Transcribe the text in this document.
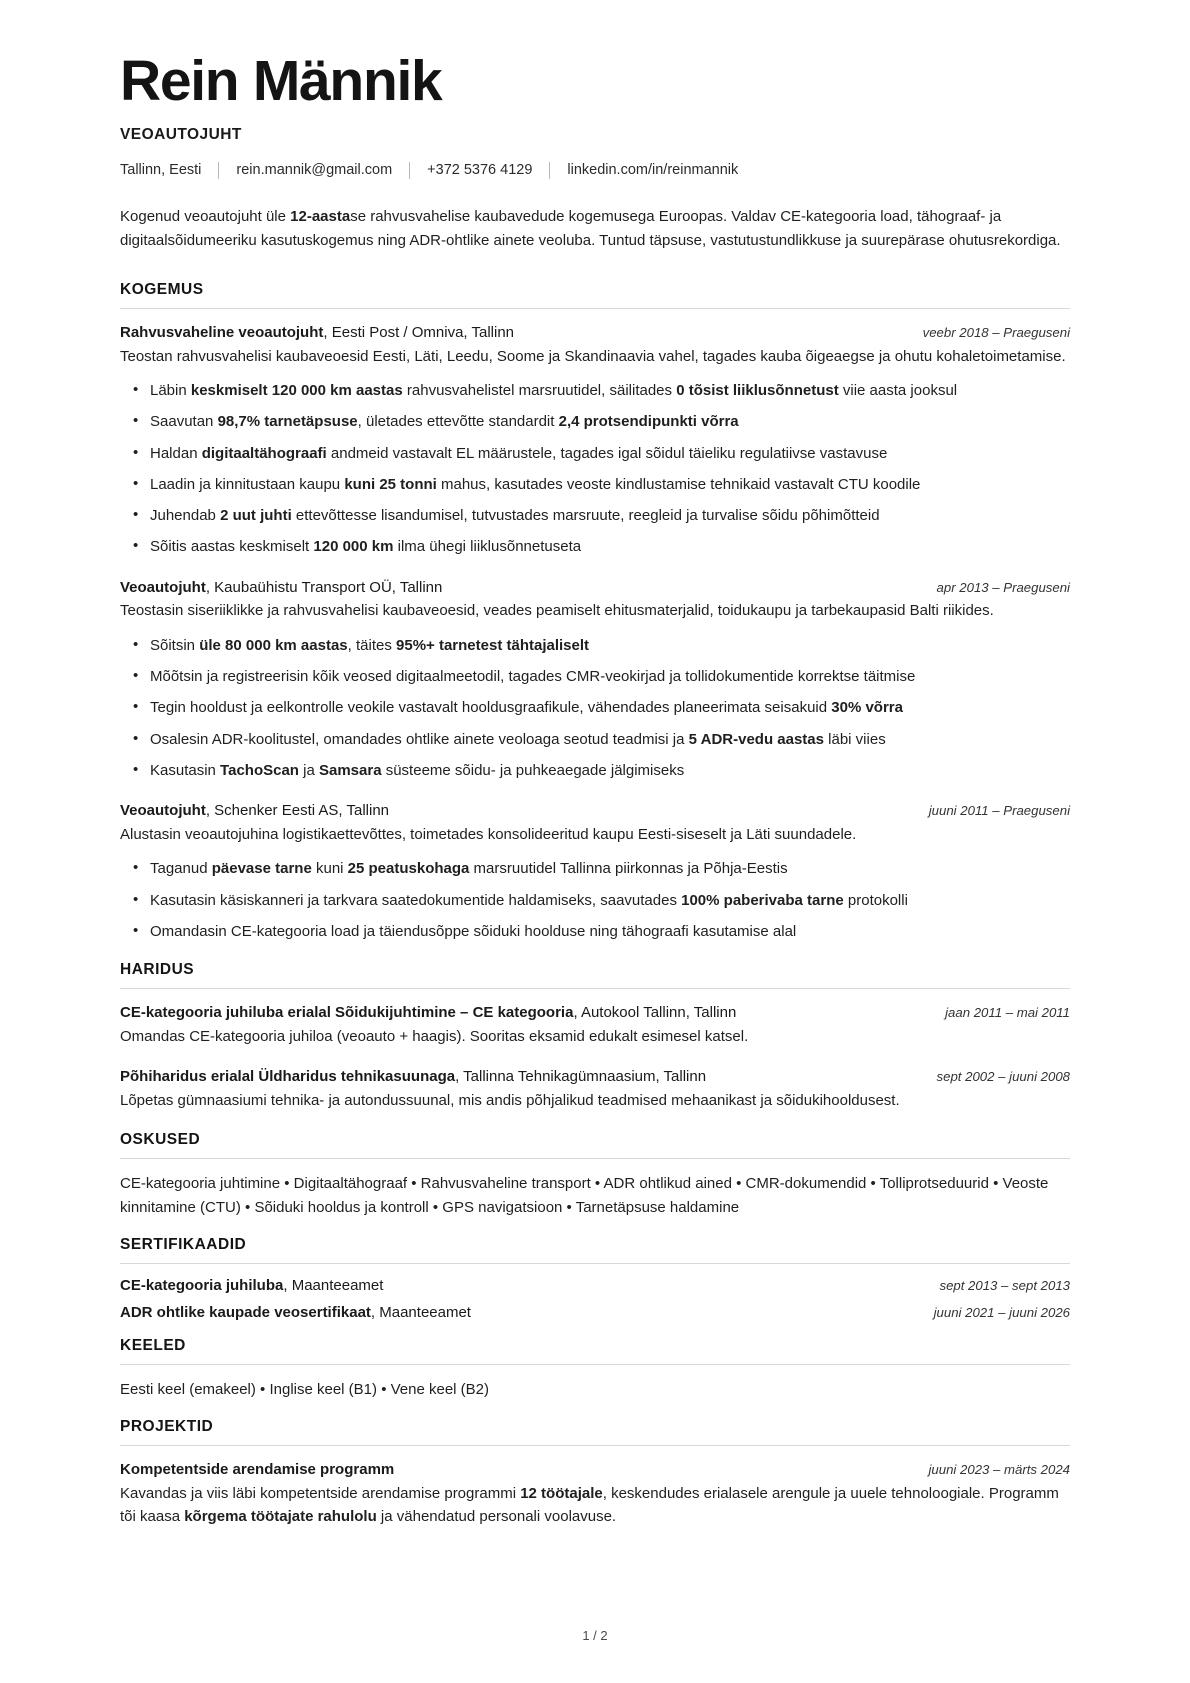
Rein Männik
VEOAUTOJUHT
Tallinn, Eesti rein.mannik@gmail.com +372 5376 4129 linkedin.com/in/reinmannik
Kogenud veoautojuht üle 12-aastase rahvusvahelise kaubavedude kogemusega Euroopas. Valdav CE-kategooria load, tähograaf- ja digitaalsõidumeeriku kasutuskogemus ning ADR-ohtlike ainete veoluba. Tuntud täpsuse, vastutustundlikkuse ja suurepärase ohutusrekordiga.
KOGEMUS
Rahvusvaheline veoautojuht, Eesti Post / Omniva, Tallinn	veebr 2018 – Praeguseni
Teostan rahvusvahelisi kaubaveoesid Eesti, Läti, Leedu, Soome ja Skandinaavia vahel, tagades kauba õigeaegse ja ohutu kohaletoimetamise.
• Läbin keskmiselt 120 000 km aastas rahvusvahelistel marsruutidel, säilitades 0 tõsist liiklusõnnetust viie aasta jooksul
• Saavutan 98,7% tarnetäpsuse, ületades ettevõtte standardit 2,4 protsendipunkti võrra
• Haldan digitaaltähograafi andmeid vastavalt EL määrustele, tagades igal sõidul täieliku regulatiivse vastavuse
• Laadin ja kinnitustaan kaupu kuni 25 tonni mahus, kasutades veoste kindlustamise tehnikaid vastavalt CTU koodile
• Juhendab 2 uut juhti ettevõttesse lisandumisel, tutvustades marsruute, reegleid ja turvalise sõidu põhimõtteid
• Sõitis aastas keskmiselt 120 000 km ilma ühegi liiklusõnnetuseta
Veoautojuht, Kaubaühistu Transport OÜ, Tallinn	apr 2013 – Praeguseni
Teostasin siseriiklikke ja rahvusvahelisi kaubaveoesid, veades peamiselt ehitusmaterjalid, toidukaupu ja tarbekaupasid Balti riikides.
• Sõitsin üle 80 000 km aastas, täites 95%+ tarnetest tähtajaliselt
• Mõõtsin ja registreerisin kõik veosed digitaalmeetodil, tagades CMR-veokirjad ja tollidokumentide korrektse täitmise
• Tegin hooldust ja eelkontrolle veokile vastavalt hooldusgraafikule, vähendades planeerimata seisakuid 30% võrra
• Osalesin ADR-koolitustel, omandades ohtlike ainete veoloaga seotud teadmisi ja 5 ADR-vedu aastas läbi viies
• Kasutasin TachoScan ja Samsara süsteeme sõidu- ja puhkeaegade jälgimiseks
Veoautojuht, Schenker Eesti AS, Tallinn	juuni 2011 – Praeguseni
Alustasin veoautojuhina logistikaettevõttes, toimetades konsolideeritud kaupu Eesti-siseselt ja Läti suundadele.
• Taganud päevase tarne kuni 25 peatuskohaga marsruutidel Tallinna piirkonnas ja Põhja-Eestis
• Kasutasin käsiskanneri ja tarkvara saatedokumentide haldamiseks, saavutades 100% paberivaba tarne protokolli
• Omandasin CE-kategooria load ja täiendusõppe sõiduki hoolduse ning tähograafi kasutamise alal
HARIDUS
CE-kategooria juhiluba erialal Sõidukijuhtimine – CE kategooria, Autokool Tallinn, Tallinn	jaan 2011 – mai 2011
Omandas CE-kategooria juhiloa (veoauto + haagis). Sooritas eksamid edukalt esimesel katsel.
Põhiharidus erialal Üldharidus tehnikasuunaga, Tallinna Tehnikagümnaasium, Tallinn	sept 2002 – juuni 2008
Lõpetas gümnaasiumi tehnika- ja autondussuunal, mis andis põhjalikud teadmised mehaanikast ja sõidukihooldusest.
OSKUSED
CE-kategooria juhtimine • Digitaaltähograaf • Rahvusvaheline transport • ADR ohtlikud ained • CMR-dokumendid • Tolliprotseduurid • Veoste kinnitamine (CTU) • Sõiduki hooldus ja kontroll • GPS navigatsioon • Tarnetäpsuse haldamine
SERTIFIKAADID
CE-kategooria juhiluba, Maanteeamet	sept 2013 – sept 2013
ADR ohtlike kaupade veosertifikaat, Maanteeamet	juuni 2021 – juuni 2026
KEELED
Eesti keel (emakeel) • Inglise keel (B1) • Vene keel (B2)
PROJEKTID
Kompetentside arendamise programm	juuni 2023 – märts 2024
Kavandas ja viis läbi kompetentside arendamise programmi 12 töötajale, keskendudes erialasele arengule ja uuele tehnoloogiale. Programm tõi kaasa kõrgema töötajate rahulolu ja vähendatud personali voolavuse.
1 / 2
